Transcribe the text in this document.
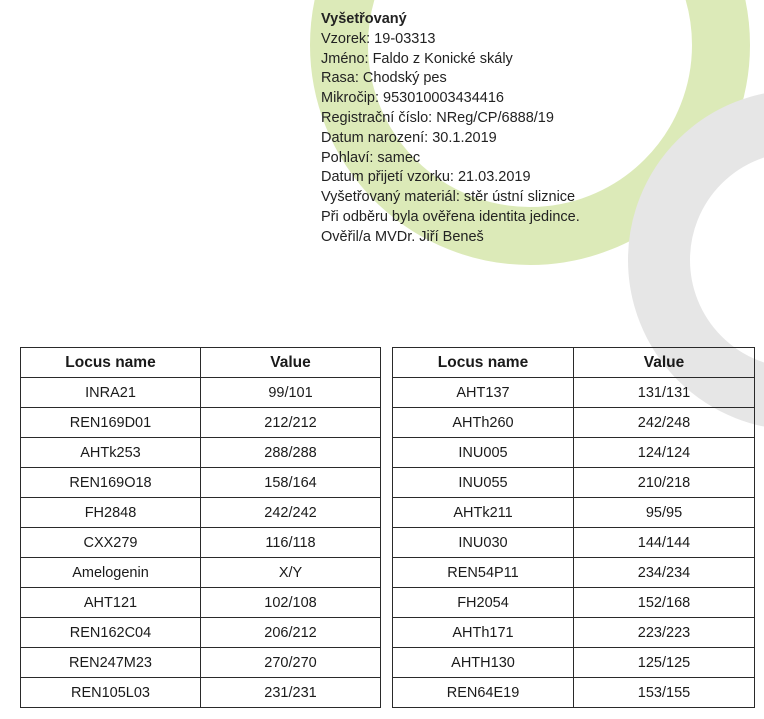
Vyšetřovaný
Vzorek: 19-03313
Jméno: Faldo z Konické skály
Rasa: Chodský pes
Mikročip: 953010003434416
Registrační číslo: NReg/CP/6888/19
Datum narození: 30.1.2019
Pohlaví: samec
Datum přijetí vzorku: 21.03.2019
Vyšetřovaný materiál: stěr ústní sliznice
Při odběru byla ověřena identita jedince.
Ověřil/a MVDr. Jiří Beneš
Locus name	Value		Locus name	Value
INRA21	99/101		AHT137	131/131
REN169D01	212/212		AHTh260	242/248
AHTk253	288/288		INU005	124/124
REN169O18	158/164		INU055	210/218
FH2848	242/242		AHTk211	95/95
CXX279	116/118		INU030	144/144
Amelogenin	X/Y		REN54P11	234/234
AHT121	102/108		FH2054	152/168
REN162C04	206/212		AHTh171	223/223
REN247M23	270/270		AHTH130	125/125
REN105L03	231/231		REN64E19	153/155
